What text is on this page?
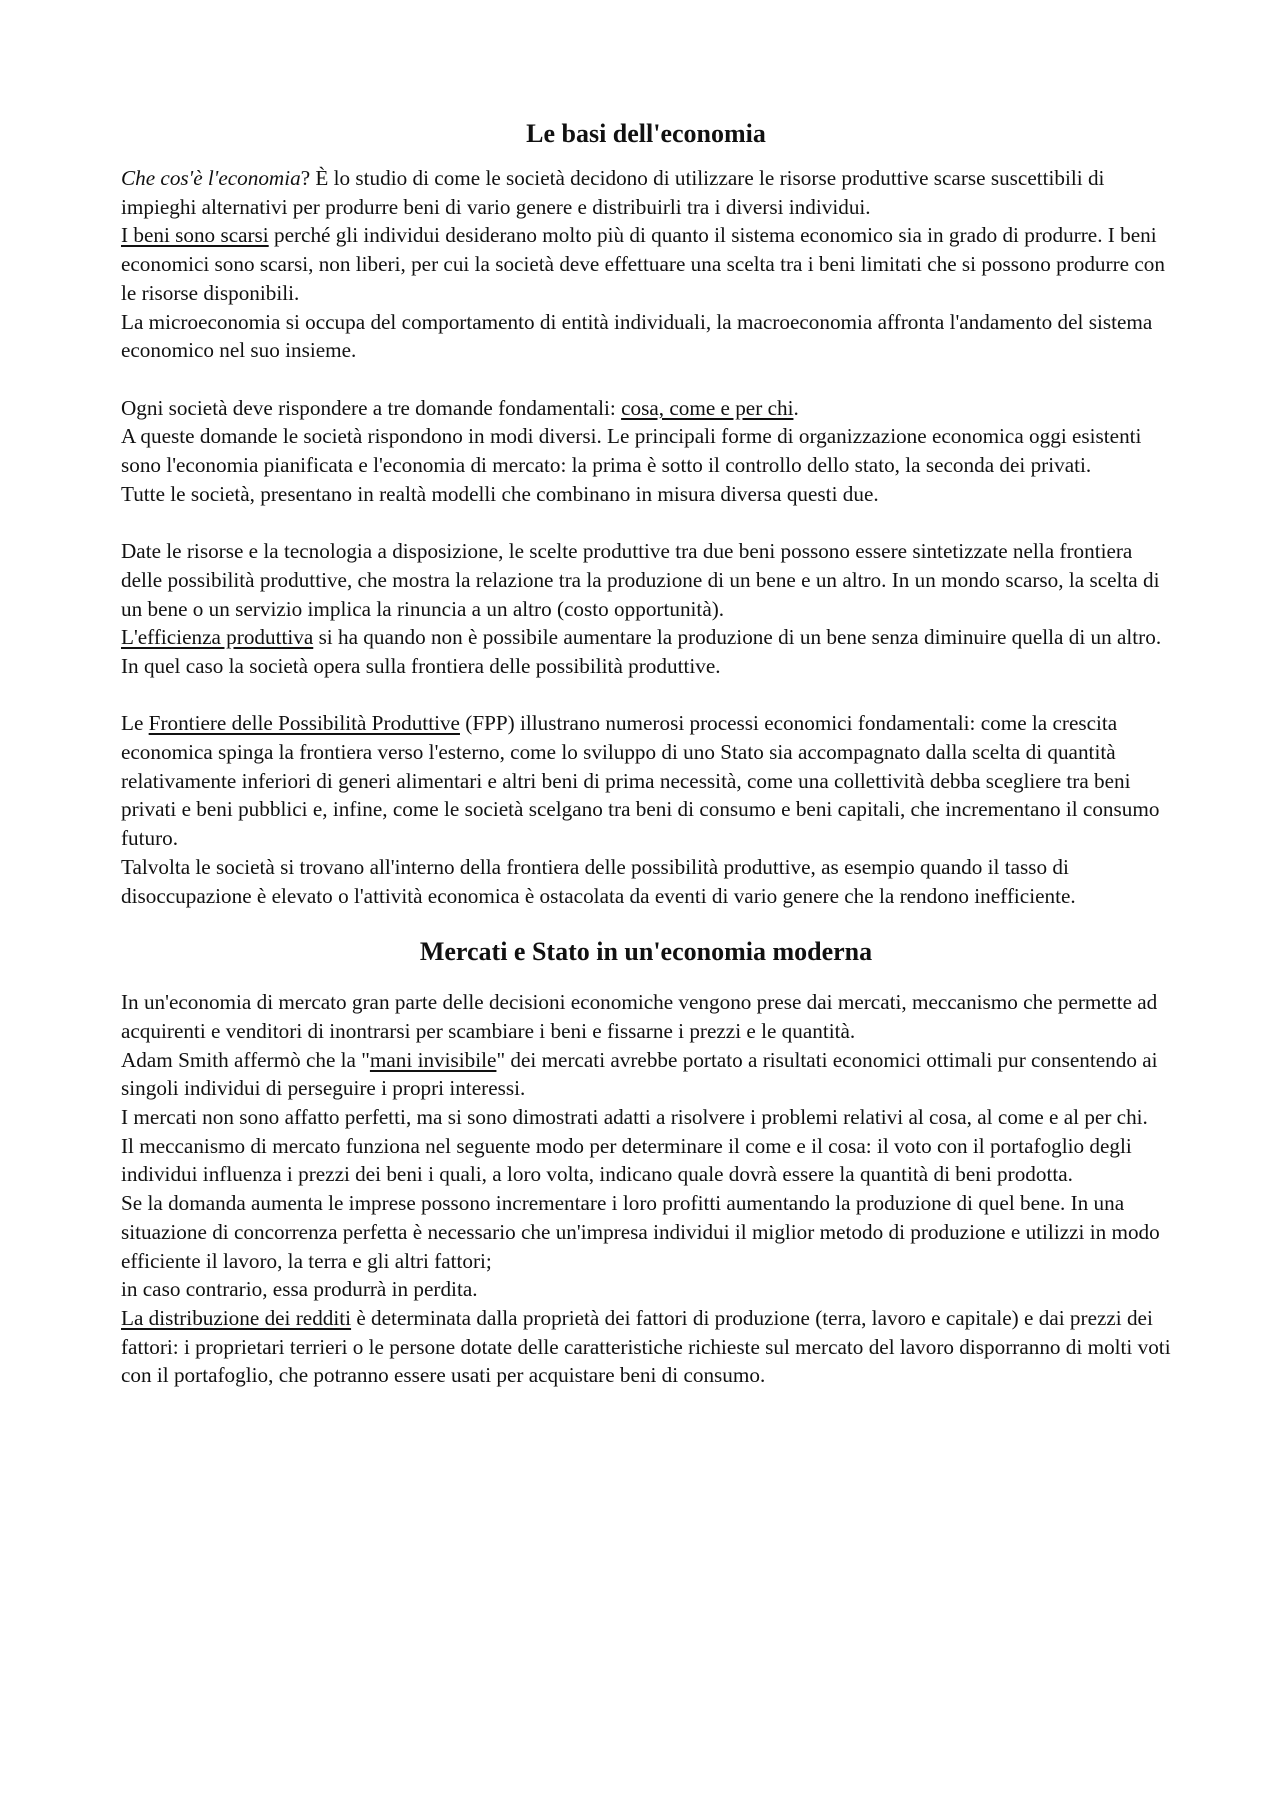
Le basi dell'economia

Che cos'è l'economia? È lo studio di come le società decidono di utilizzare le risorse produttive scarse suscettibili di impieghi alternativi per produrre beni di vario genere e distribuirli tra i diversi individui.

I beni sono scarsi perché gli individui desiderano molto più di quanto il sistema economico sia in grado di produrre. I beni economici sono scarsi, non liberi, per cui la società deve effettuare una scelta tra i beni limitati che si possono produrre con le risorse disponibili.

La microeconomia si occupa del comportamento di entità individuali, la macroeconomia affronta l'andamento del sistema economico nel suo insieme.

Ogni società deve rispondere a tre domande fondamentali: cosa, come e per chi.

A queste domande le società rispondono in modi diversi. Le principali forme di organizzazione economica oggi esistenti sono l'economia pianificata e l'economia di mercato: la prima è sotto il controllo dello stato, la seconda dei privati.

Tutte le società, presentano in realtà modelli che combinano in misura diversa questi due.

Date le risorse e la tecnologia a disposizione, le scelte produttive tra due beni possono essere sintetizzate nella frontiera delle possibilità produttive, che mostra la relazione tra la produzione di un bene e un altro. In un mondo scarso, la scelta di un bene o un servizio implica la rinuncia a un altro (costo opportunità).

L'efficienza produttiva si ha quando non è possibile aumentare la produzione di un bene senza diminuire quella di un altro. In quel caso la società opera sulla frontiera delle possibilità produttive.

Le Frontiere delle Possibilità Produttive (FPP) illustrano numerosi processi economici fondamentali: come la crescita economica spinga la frontiera verso l'esterno, come lo sviluppo di uno Stato sia accompagnato dalla scelta di quantità relativamente inferiori di generi alimentari e altri beni di prima necessità, come una collettività debba scegliere tra beni privati e beni pubblici e, infine, come le società scelgano tra beni di consumo e beni capitali, che incrementano il consumo futuro.

Talvolta le società si trovano all'interno della frontiera delle possibilità produttive, as esempio quando il tasso di disoccupazione è elevato o l'attività economica è ostacolata da eventi di vario genere che la rendono inefficiente.

Mercati e Stato in un'economia moderna

In un'economia di mercato gran parte delle decisioni economiche vengono prese dai mercati, meccanismo che permette ad acquirenti e venditori di inontrarsi per scambiare i beni e fissarne i prezzi e le quantità.

Adam Smith affermò che la "mani invisibile" dei mercati avrebbe portato a risultati economici ottimali pur consentendo ai singoli individui di perseguire i propri interessi.

I mercati non sono affatto perfetti, ma si sono dimostrati adatti a risolvere i problemi relativi al cosa, al come e al per chi.

Il meccanismo di mercato funziona nel seguente modo per determinare il come e il cosa: il voto con il portafoglio degli individui influenza i prezzi dei beni i quali, a loro volta, indicano quale dovrà essere la quantità di beni prodotta.

Se la domanda aumenta le imprese possono incrementare i loro profitti aumentando la produzione di quel bene. In una situazione di concorrenza perfetta è necessario che un'impresa individui il miglior metodo di produzione e utilizzi in modo efficiente il lavoro, la terra e gli altri fattori;

in caso contrario, essa produrrà in perdita.

La distribuzione dei redditi è determinata dalla proprietà dei fattori di produzione (terra, lavoro e capitale) e dai prezzi dei fattori: i proprietari terrieri o le persone dotate delle caratteristiche richieste sul mercato del lavoro disporranno di molti voti con il portafoglio, che potranno essere usati per acquistare beni di consumo.
